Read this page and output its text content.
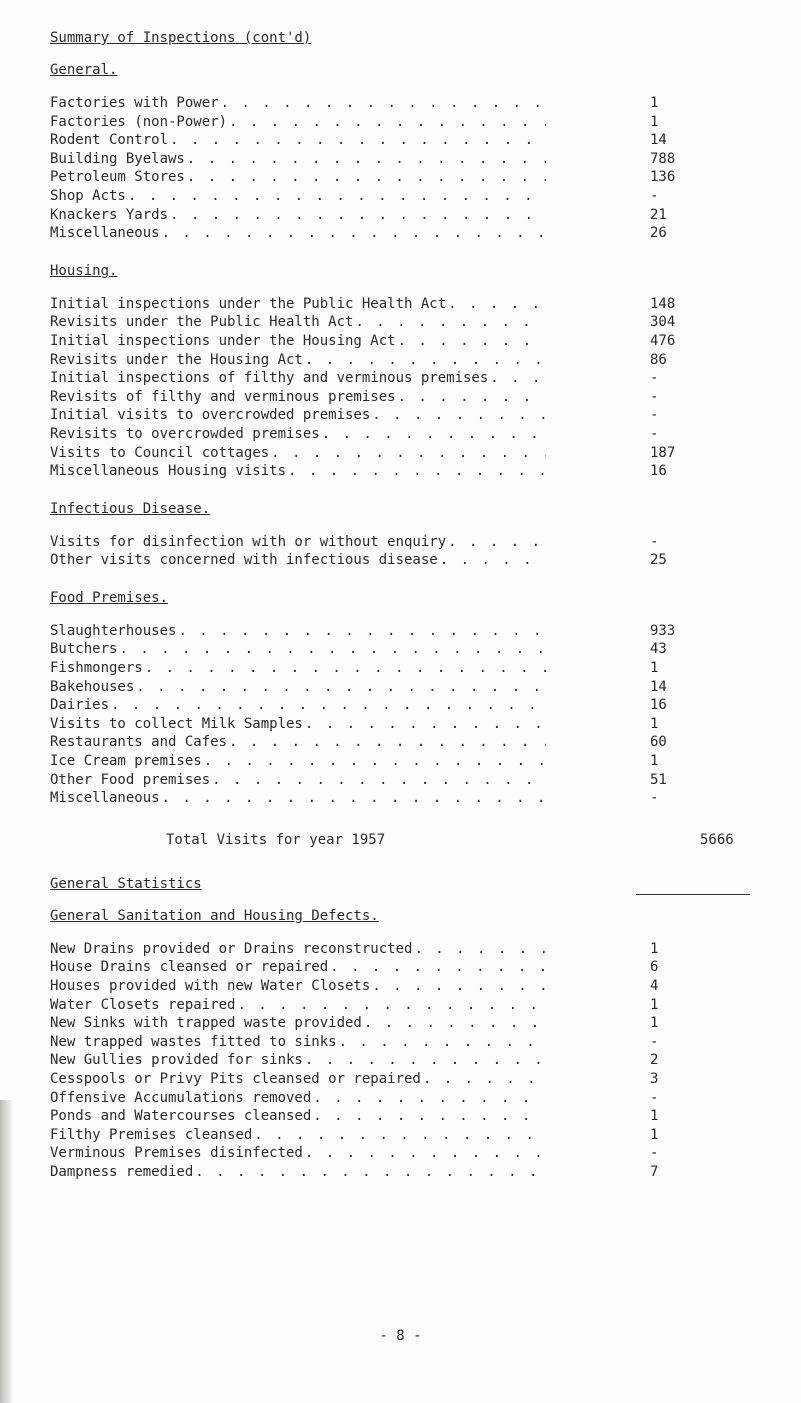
Summary of Inspections (cont'd)
General.
Factories with Power . . .	1
Factories (non-Power) . . .	1
Rodent Control . . .	14
Building Byelaws . . .	788
Petroleum Stores . . .	136
Shop Acts . . .	-
Knackers Yards . . .	21
Miscellaneous . . .	26
Housing.
Initial inspections under the Public Health Act . . .	148
Revisits under the Public Health Act . . .	304
Initial inspections under the Housing Act . . .	476
Revisits under the Housing Act . . .	86
Initial inspections of filthy and verminous premises . . .	-
Revisits of filthy and verminous premises . . .	-
Initial visits to overcrowded premises . . .	-
Revisits to overcrowded premises . . .	-
Visits to Council cottages . . .	187
Miscellaneous Housing visits . . .	16
Infectious Disease.
Visits for disinfection with or without enquiry . . .	-
Other visits concerned with infectious disease . . .	25
Food Premises.
Slaughterhouses . . .	933
Butchers . . .	43
Fishmongers . . .	1
Bakehouses . . .	14
Dairies . . .	16
Visits to collect Milk Samples . . .	1
Restaurants and Cafes . . .	60
Ice Cream premises . . .	1
Other Food premises . . .	51
Miscellaneous . . .	-
Total Visits for year 1957	5666
General Statistics
General Sanitation and Housing Defects.
New Drains provided or Drains reconstructed . . .	1
House Drains cleansed or repaired . . .	6
Houses provided with new Water Closets . . .	4
Water Closets repaired . . .	1
New Sinks with trapped waste provided . . .	1
New trapped wastes fitted to sinks . . .	-
New Gullies provided for sinks . . .	2
Cesspools or Privy Pits cleansed or repaired . . .	3
Offensive Accumulations removed . . .	-
Ponds and Watercourses cleansed . . .	1
Filthy Premises cleansed . . .	1
Verminous Premises disinfected . . .	-
Dampness remedied . . .	7
- 8 -
